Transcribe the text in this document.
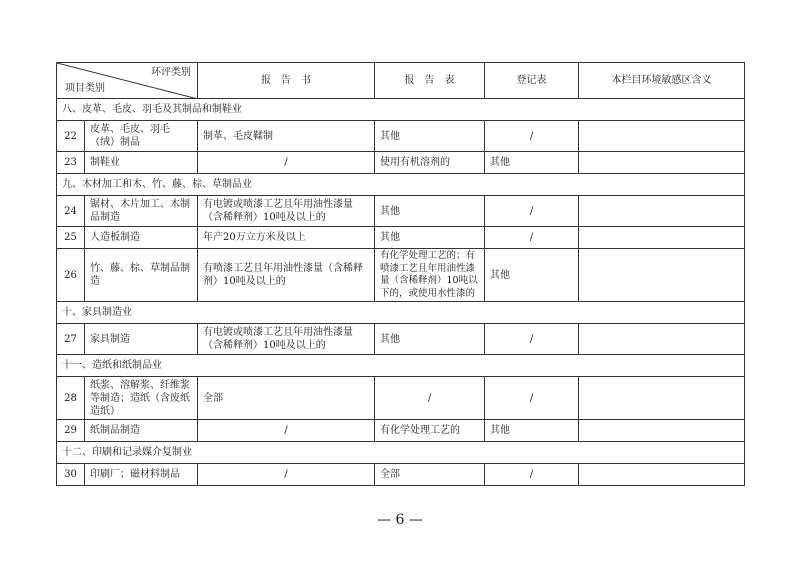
环评类别
项目类别		报　告　书	报　告　表	登记表	本栏目环境敏感区含义
八、皮革、毛皮、羽毛及其制品和制鞋业					
22	皮革、毛皮、羽毛（绒）制品	制革、毛皮鞣制	其他	/	
23	制鞋业	/	使用有机溶剂的	其他	
九、木材加工和木、竹、藤、棕、草制品业					
24	锯材、木片加工、木制品制造	有电镀或喷漆工艺且年用油性漆量（含稀释剂）10吨及以上的	其他	/	
25	人造板制造	年产20万立方米及以上	其他	/	
26	竹、藤、棕、草制品制造	有喷漆工艺且年用油性漆量（含稀释剂）10吨及以上的	有化学处理工艺的；有喷漆工艺且年用油性漆量（含稀释剂）10吨以下的，或使用水性漆的	其他	
十、家具制造业					
27	家具制造	有电镀或喷漆工艺且年用油性漆量（含稀释剂）10吨及以上的	其他	/	
十一、造纸和纸制品业					
28	纸浆、溶解浆、纤维浆等制造；造纸（含废纸造纸）	全部	/	/	
29	纸制品制造	/	有化学处理工艺的	其他	
十二、印刷和记录媒介复制业					
30	印刷厂；磁材料制品	/	全部	/	
— 6 —
